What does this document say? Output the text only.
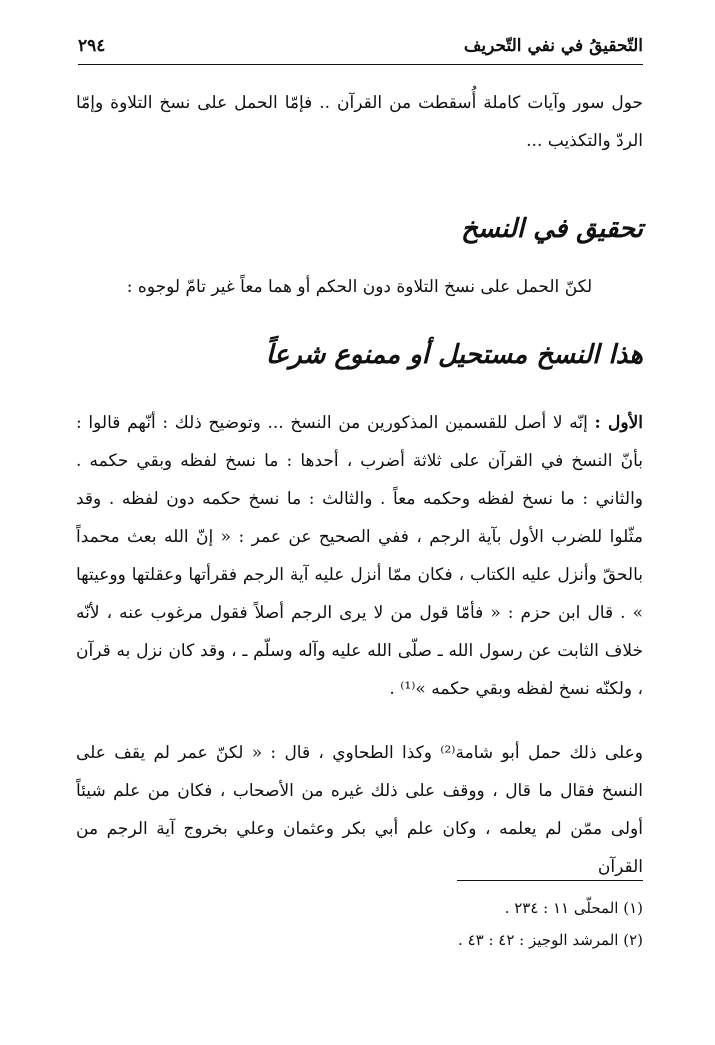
التّحقيقُ في نفي التّحريف
٢٩٤
حول سور وآيات كاملة أُسقطت من القرآن .. فإمّا الحمل على نسخ التلاوة وإمّا الردّ والتكذيب ...
تحقيق في النسخ
لكنّ الحمل على نسخ التلاوة دون الحكم أو هما معاً غير تامّ لوجوه :
هذا النسخ مستحيل أو ممنوع شرعاً
الأول : إنّه لا أصل للقسمين المذكورين من النسخ ... وتوضيح ذلك : أنّهم قالوا : بأنّ النسخ في القرآن على ثلاثة أضرب ، أحدها : ما نسخ لفظه وبقي حكمه . والثاني : ما نسخ لفظه وحكمه معاً . والثالث : ما نسخ حكمه دون لفظه . وقد مثّلوا للضرب الأول بآية الرجم ، ففي الصحيح عن عمر : « إنّ الله بعث محمداً بالحقّ وأنزل عليه الكتاب ، فكان ممّا أنزل عليه آية الرجم فقرأتها وعقلتها ووعيتها » . قال ابن حزم : « فأمّا قول من لا يرى الرجم أصلاً فقول مرغوب عنه ، لأنّه خلاف الثابت عن رسول الله ـ صلّى الله عليه وآله وسلّم ـ ، وقد كان نزل به قرآن ، ولكنّه نسخ لفظه وبقي حكمه »⁽¹⁾ .
وعلى ذلك حمل أبو شامة⁽²⁾ وكذا الطحاوي ، قال : « لكنّ عمر لم يقف على النسخ فقال ما قال ، ووقف على ذلك غيره من الأصحاب ، فكان من علم شيئاً أولى ممّن لم يعلمه ، وكان علم أبي بكر وعثمان وعلي بخروج آية الرجم من القرآن
(١) المحلّى ١١ : ٢٣٤ .
(٢) المرشد الوجيز : ٤٢ : ٤٣ .
